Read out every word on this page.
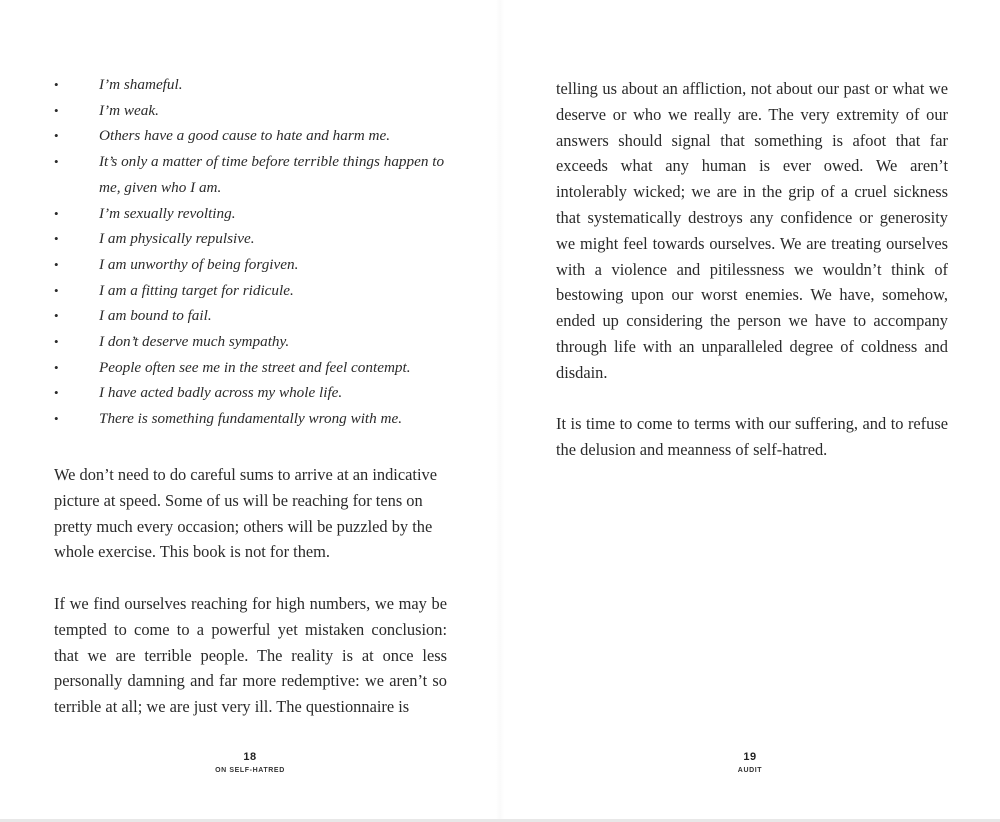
•	I’m shameful.
•	I’m weak.
•	Others have a good cause to hate and harm me.
•	It’s only a matter of time before terrible things happen to me, given who I am.
•	I’m sexually revolting.
•	I am physically repulsive.
•	I am unworthy of being forgiven.
•	I am a fitting target for ridicule.
•	I am bound to fail.
•	I don’t deserve much sympathy.
•	People often see me in the street and feel contempt.
•	I have acted badly across my whole life.
•	There is something fundamentally wrong with me.

We don’t need to do careful sums to arrive at an indicative picture at speed. Some of us will be reaching for tens on pretty much every occasion; others will be puzzled by the whole exercise. This book is not for them.

If we find ourselves reaching for high numbers, we may be tempted to come to a powerful yet mistaken conclusion: that we are terrible people. The reality is at once less personally damning and far more redemptive: we aren’t so terrible at all; we are just very ill. The questionnaire is

18
ON SELF-HATRED

telling us about an affliction, not about our past or what we deserve or who we really are. The very extremity of our answers should signal that something is afoot that far exceeds what any human is ever owed. We aren’t intolerably wicked; we are in the grip of a cruel sickness that systematically destroys any confidence or generosity we might feel towards ourselves. We are treating ourselves with a violence and pitilessness we wouldn’t think of bestowing upon our worst enemies. We have, somehow, ended up considering the person we have to accompany through life with an unparalleled degree of coldness and disdain.

It is time to come to terms with our suffering, and to refuse the delusion and meanness of self-hatred.

19
AUDIT
